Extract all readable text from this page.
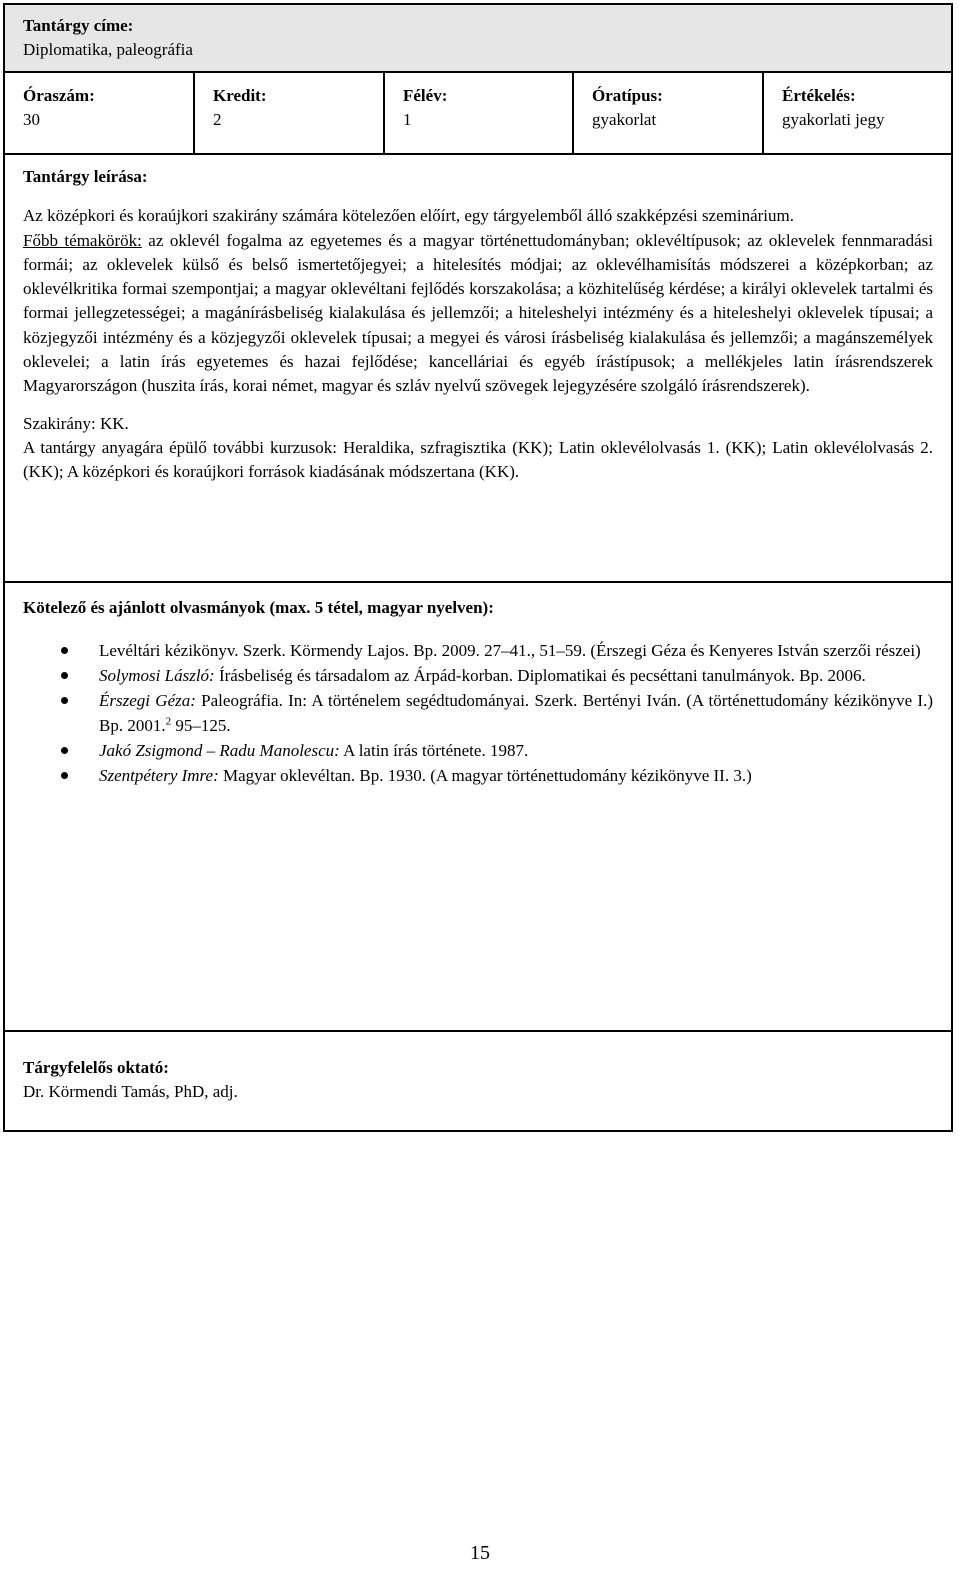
Tantárgy címe:
Diplomatika, paleográfia
Óraszám:
30
Kredit:
2
Félév:
1
Óratípus:
gyakorlat
Értékelés:
gyakorlati jegy

Tantárgy leírása:

Az középkori és koraújkori szakirány számára kötelezően előírt, egy tárgyelemből álló szakképzési szeminárium.

Főbb témakörök: az oklevél fogalma az egyetemes és a magyar történettudományban; oklevéltípusok; az oklevelek fennmaradási formái; az oklevelek külső és belső ismertetőjegyei; a hitelesítés módjai; az oklevélhamisítás módszerei a középkorban; az oklevélkritika formai szempontjai; a magyar oklevéltani fejlődés korszakolása; a közhitelűség kérdése; a királyi oklevelek tartalmi és formai jellegzetességei; a magánírásbeliség kialakulása és jellemzői; a hiteleshelyi intézmény és a hiteleshelyi oklevelek típusai; a közjegyzői intézmény és a közjegyzői oklevelek típusai; a megyei és városi írásbeliség kialakulása és jellemzői; a magánszemélyek oklevelei; a latin írás egyetemes és hazai fejlődése; kancelláriai és egyéb írástípusok; a mellékjeles latin írásrendszerek Magyarországon (huszita írás, korai német, magyar és szláv nyelvű szövegek lejegyzésére szolgáló írásrendszerek).

Szakirány: KK.

A tantárgy anyagára épülő további kurzusok: Heraldika, szfragisztika (KK); Latin oklevélolvasás 1. (KK); Latin oklevélolvasás 2. (KK); A középkori és koraújkori források kiadásának módszertana (KK).

Kötelező és ajánlott olvasmányok (max. 5 tétel, magyar nyelven):
Levéltári kézikönyv. Szerk. Körmendy Lajos. Bp. 2009. 27–41., 51–59. (Érszegi Géza és Kenyeres István szerzői részei)
Solymosi László: Írásbeliség és társadalom az Árpád-korban. Diplomatikai és pecséttani tanulmányok. Bp. 2006.
Érszegi Géza: Paleográfia. In: A történelem segédtudományai. Szerk. Bertényi Iván. (A történettudomány kézikönyve I.) Bp. 2001.$^2$ 95–125.
Jakó Zsigmond – Radu Manolescu: A latin írás története. 1987.
Szentpétery Imre: Magyar oklevéltan. Bp. 1930. (A magyar történettudomány kézikönyve II. 3.)
Tárgyfelelős oktató:
Dr. Körmendi Tamás, PhD, adj.
15
